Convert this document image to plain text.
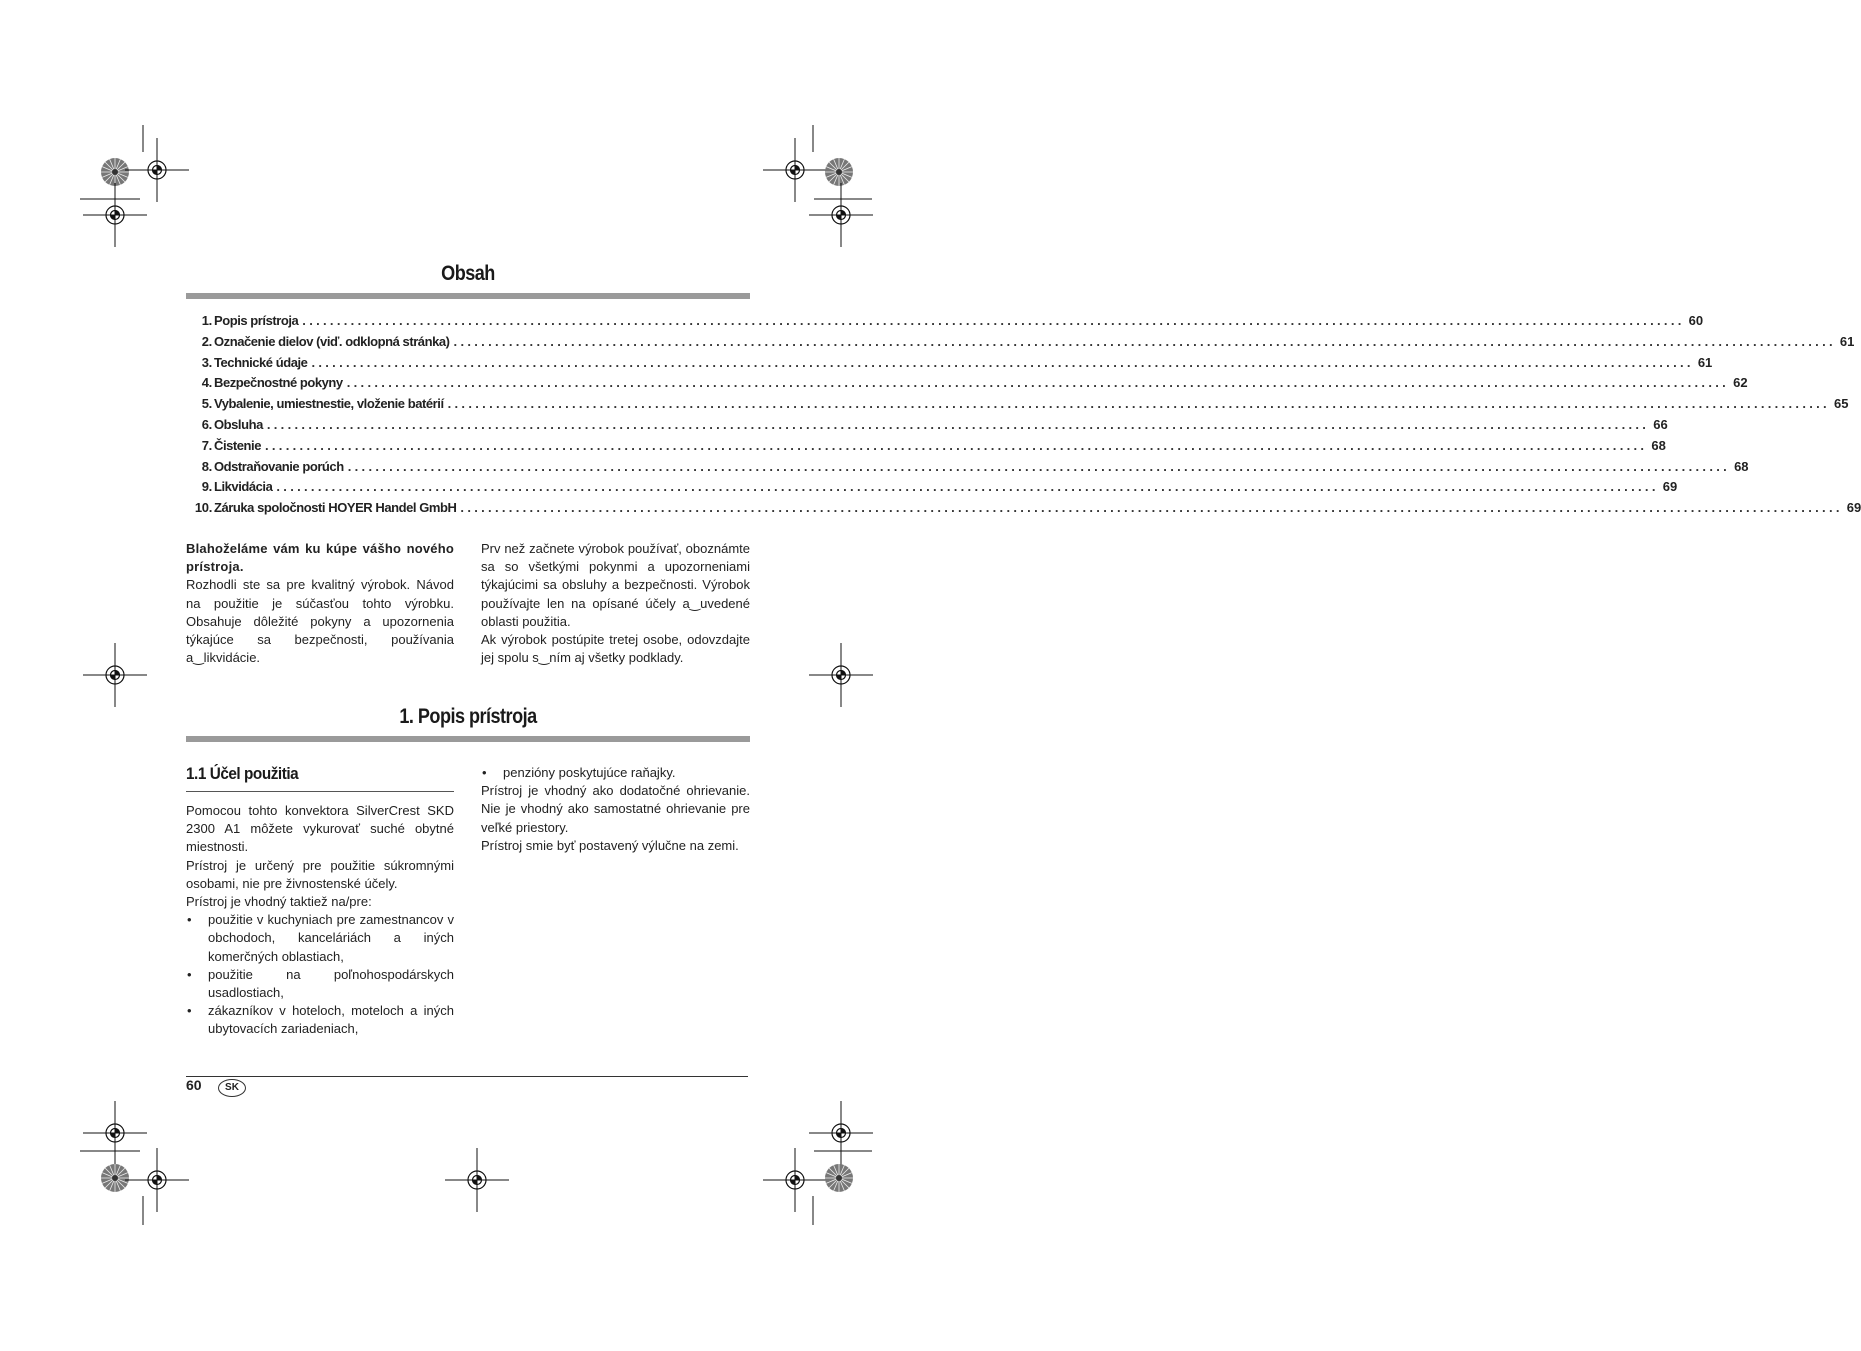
Obsah
1. Popis prístroja ........................................................................................................................................................................................................ 60
2. Označenie dielov (viď. odklopná stránka) ........................................................................................................................................................................................................ 61
3. Technické údaje ........................................................................................................................................................................................................ 61
4. Bezpečnostné pokyny ........................................................................................................................................................................................................ 62
5. Vybalenie, umiestnestie, vloženie batérií ........................................................................................................................................................................................................ 65
6. Obsluha ........................................................................................................................................................................................................ 66
7. Čistenie ........................................................................................................................................................................................................ 68
8. Odstraňovanie porúch ........................................................................................................................................................................................................ 68
9. Likvidácia ........................................................................................................................................................................................................ 69
10. Záruka spoločnosti HOYER Handel GmbH ........................................................................................................................................................................................................ 69
Blahoželáme vám ku kúpe vášho nového prístroja.
Rozhodli ste sa pre kvalitný výrobok. Návod na použitie je súčasťou tohto výrobku. Obsahuje dôležité pokyny a upozornenia týkajúce sa bezpečnosti, používania a‿likvidácie.
Prv než začnete výrobok používať, oboznámte sa so všetkými pokynmi a upozorneniami týkajúcimi sa obsluhy a bezpečnosti. Výrobok používajte len na opísané účely a‿uvedené oblasti použitia.
Ak výrobok postúpite tretej osobe, odovzdajte jej spolu s‿ním aj všetky podklady.
1. Popis prístroja
1.1 Účel použitia
Pomocou tohto konvektora SilverCrest SKD 2300 A1 môžete vykurovať suché obytné miestnosti.
Prístroj je určený pre použitie súkromnými osobami, nie pre živnostenské účely.
Prístroj je vhodný taktiež na/pre:
• použitie v kuchyniach pre zamestnancov v obchodoch, kanceláriách a iných komerčných oblastiach,
• použitie na poľnohospodárskych usadlostiach,
• zákazníkov v hoteloch, moteloch a iných ubytovacích zariadeniach,
• penzióny poskytujúce raňajky.
Prístroj je vhodný ako dodatočné ohrievanie. Nie je vhodný ako samostatné ohrievanie pre veľké priestory.
Prístroj smie byť postavený výlučne na zemi.
60	SK
